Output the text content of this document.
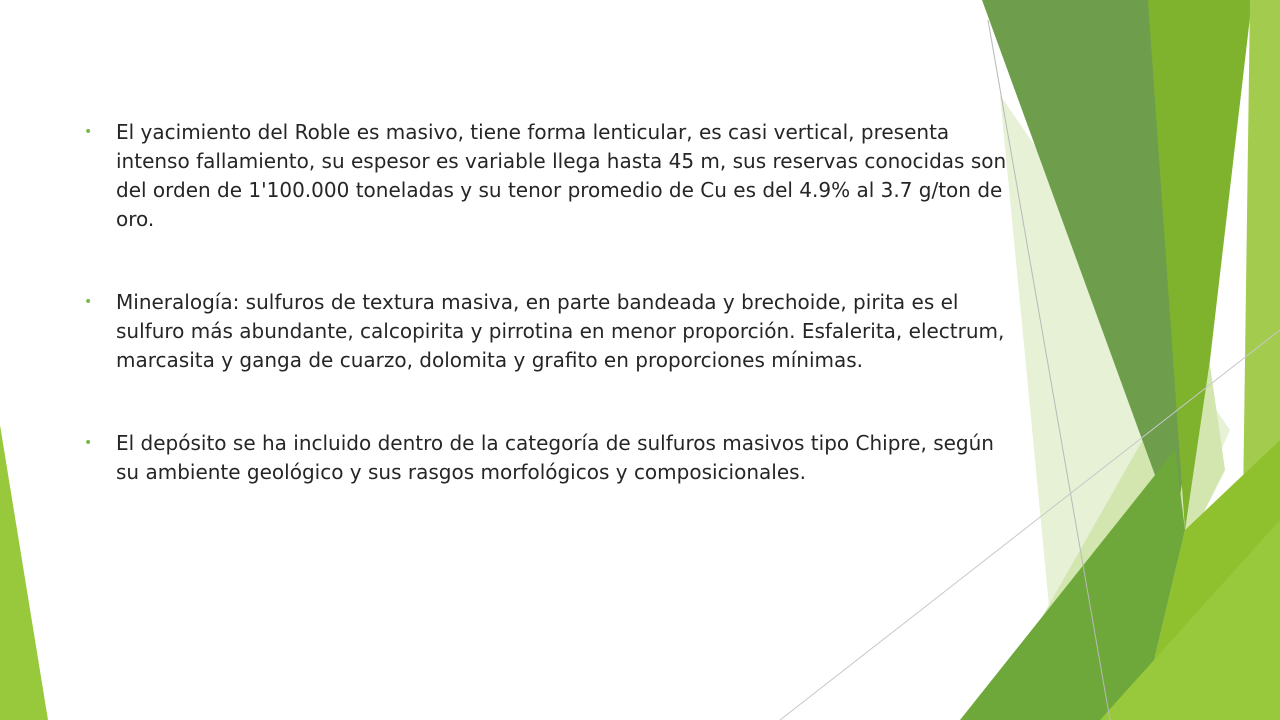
• El yacimiento del Roble es masivo, tiene forma lenticular, es casi vertical, presenta intenso fallamiento, su espesor es variable llega hasta 45 m, sus reservas conocidas son del orden de 1'100.000 toneladas y su tenor promedio de Cu es del 4.9% al 3.7 g/ton de oro.

• Mineralogía: sulfuros de textura masiva, en parte bandeada y brechoide, pirita es el sulfuro más abundante, calcopirita y pirrotina en menor proporción. Esfalerita, electrum, marcasita y ganga de cuarzo, dolomita y grafito en proporciones mínimas.

• El depósito se ha incluido dentro de la categoría de sulfuros masivos tipo Chipre, según su ambiente geológico y sus rasgos morfológicos y composicionales.
